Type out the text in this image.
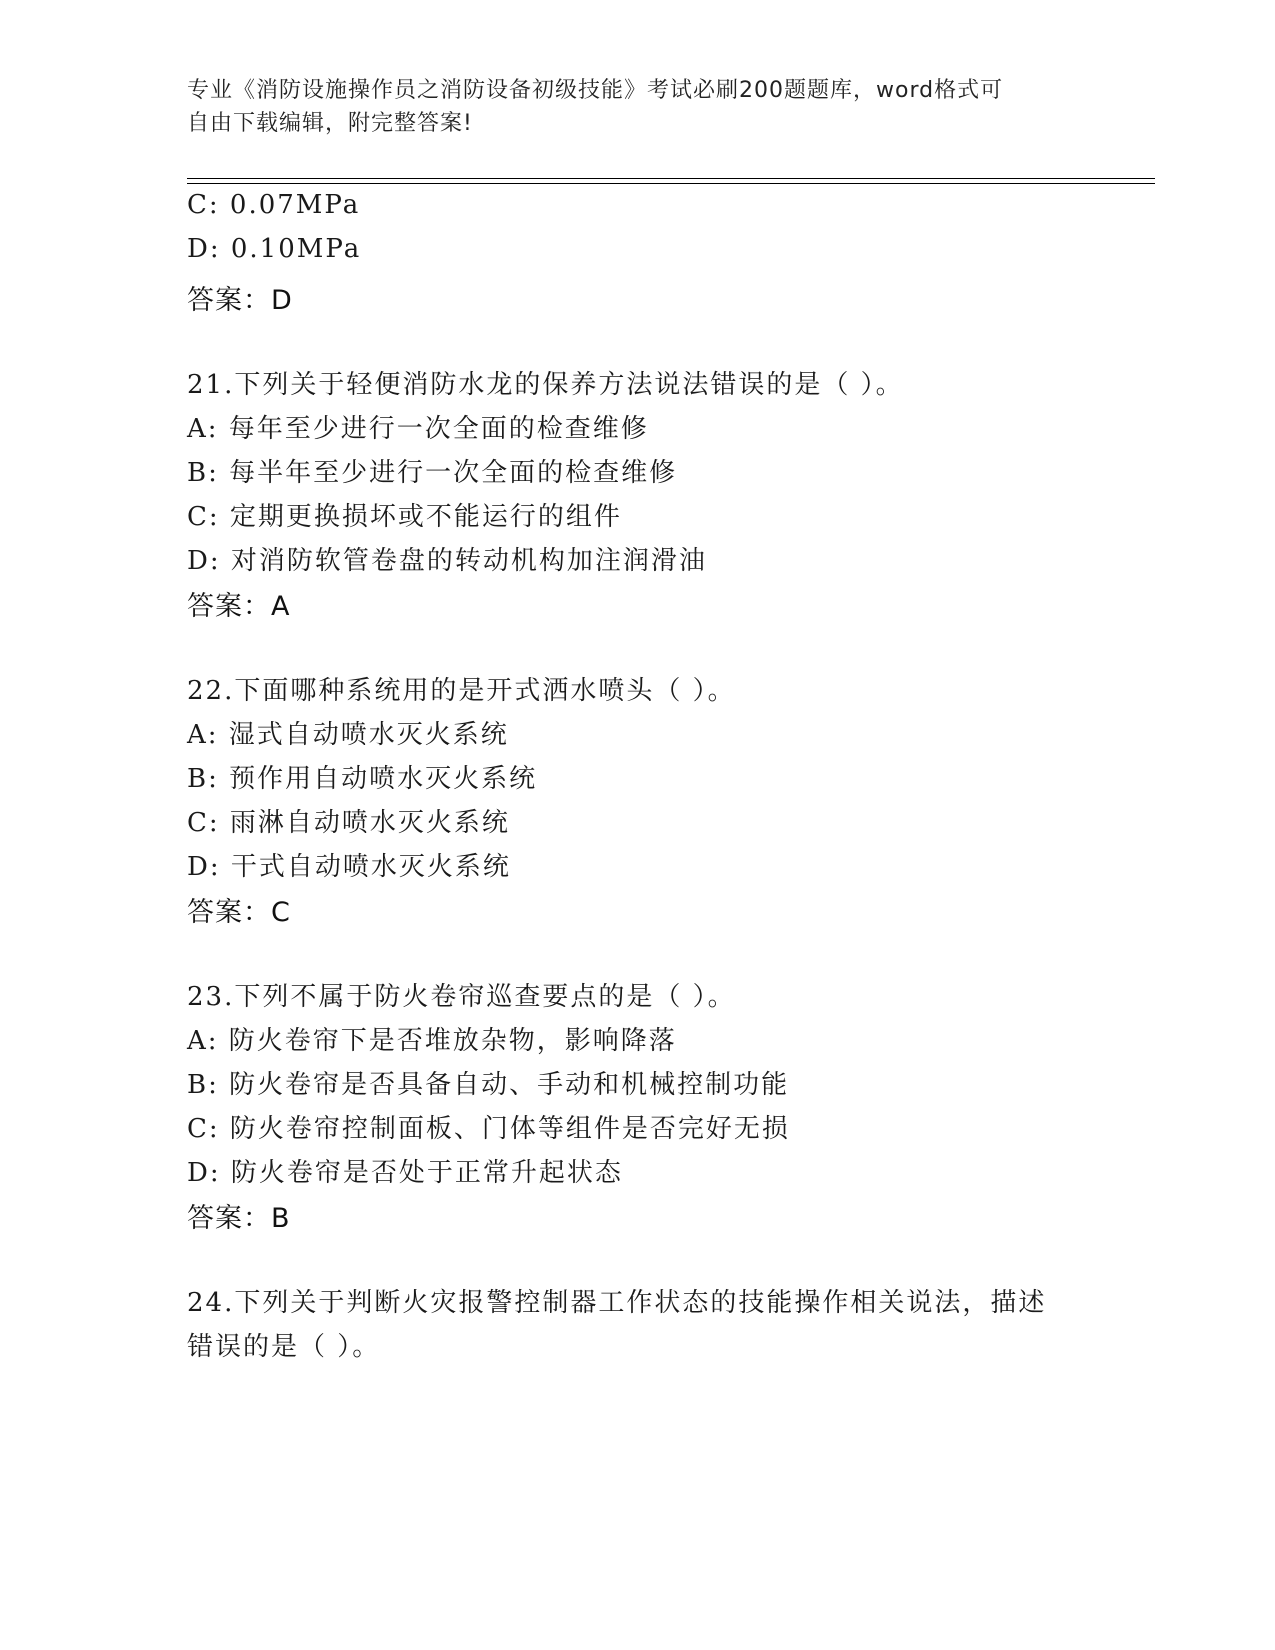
专业《消防设施操作员之消防设备初级技能》考试必刷200题题库，word格式可
自由下载编辑，附完整答案!
C: 0.07MPa
D: 0.10MPa
答案：D
21.下列关于轻便消防水龙的保养方法说法错误的是（ ）。
A: 每年至少进行一次全面的检查维修
B: 每半年至少进行一次全面的检查维修
C: 定期更换损坏或不能运行的组件
D: 对消防软管卷盘的转动机构加注润滑油
答案：A
22.下面哪种系统用的是开式洒水喷头（ ）。
A: 湿式自动喷水灭火系统
B: 预作用自动喷水灭火系统
C: 雨淋自动喷水灭火系统
D: 干式自动喷水灭火系统
答案：C
23.下列不属于防火卷帘巡查要点的是（ ）。
A: 防火卷帘下是否堆放杂物，影响降落
B: 防火卷帘是否具备自动、手动和机械控制功能
C: 防火卷帘控制面板、门体等组件是否完好无损
D: 防火卷帘是否处于正常升起状态
答案：B
24.下列关于判断火灾报警控制器工作状态的技能操作相关说法，描述
错误的是（ ）。
